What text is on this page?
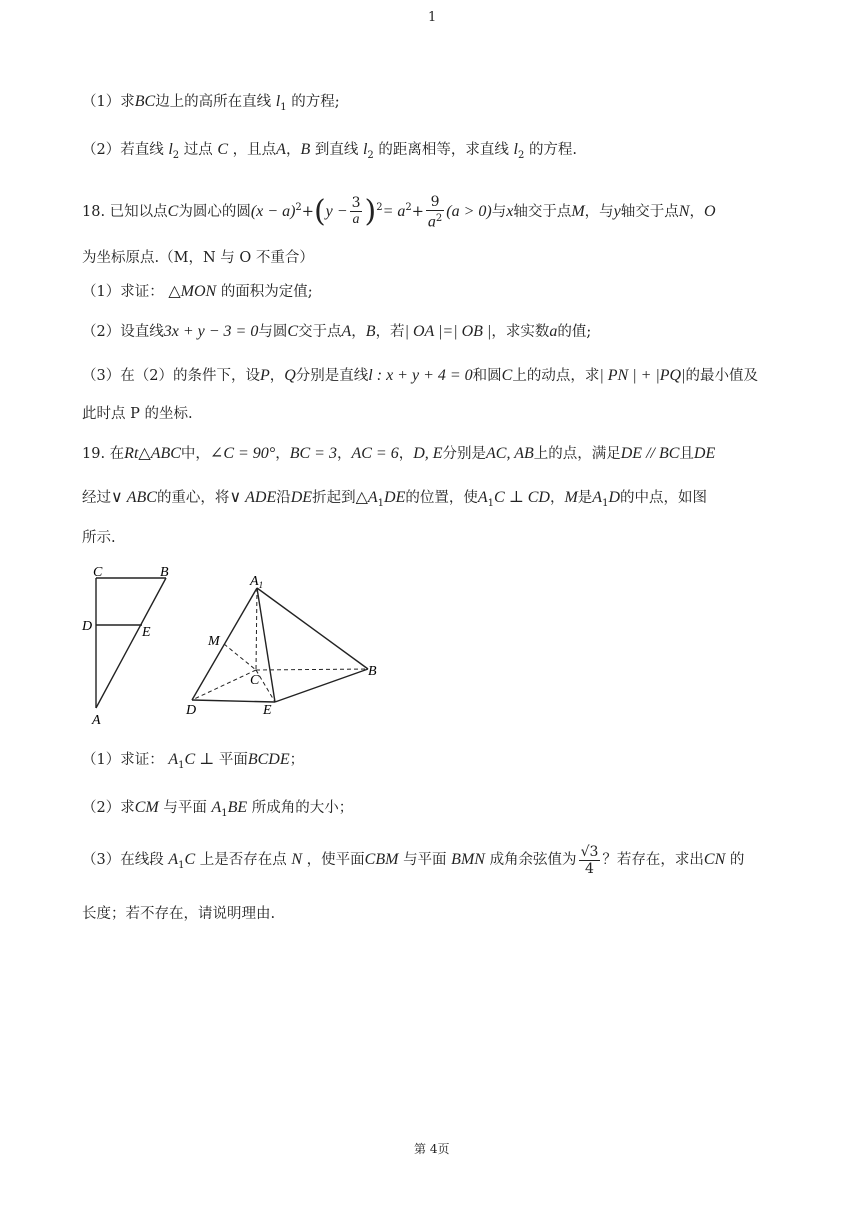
1
（1）求BC边上的高所在直线 $l_1$ 的方程;
（2）若直线 $l_2$ 过点 C ，且点A，B 到直线 $l_2$ 的距离相等，求直线 $l_2$ 的方程.
18. 已知以点C为圆心的圆$(x - a)^2+(y - \frac{3}{a} )^2= a^2+ \frac{9}{a^2} (a > 0)$与x轴交于点M，与y轴交于点N，O
为坐标原点.（M，N 与 O 不重合）
（1）求证： △MON 的面积为定值;
（2）设直线3x + y − 3 = 0与圆C交于点A，B，若| OA |=| OB |，求实数a的值;
（3）在（2）的条件下，设P，Q分别是直线l : x + y + 4 = 0和圆C上的动点，求| PN | + |PQ|的最小值及
此时点 P 的坐标.
19. 在Rt△ABC中，∠C = 90°，BC = 3，AC = 6，D, E分别是AC, AB上的点，满足DE // BC且DE
经过∨ ABC的重心，将∨ ADE沿DE折起到$\triangle A_1DE$的位置，使$A_1C$ ⊥ CD，M是$A_1D$的中点，如图
所示.
C	B
D	E
A
$A_1$
M
C
B
D	E
（1）求证： $A_1C$ ⊥ 平面BCDE；
（2）求CM 与平面 $A_1BE$ 所成角的大小；
（3）在线段 $A_1C$ 上是否存在点 N ，使平面CBM 与平面 BMN 成角余弦值为 $\frac{√3}{4}$ ？若存在，求出CN 的
长度；若不存在，请说明理由.
第 4页
